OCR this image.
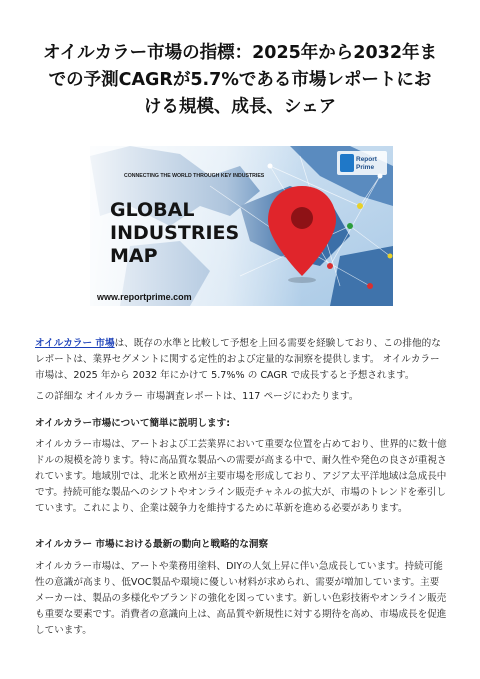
オイルカラー市場の指標：2025年から2032年ま
での予測CAGRが5.7%である市場レポートにお
ける規模、成長、シェア
Report
Prime
CONNECTING THE WORLD THROUGH KEY INDUSTRIES
GLOBAL
INDUSTRIES
MAP
www.reportprime.com
オイルカラー 市場は、既存の水準と比較して予想を上回る需要を経験しており、この排他的なレポートは、業界セグメントに関する定性的および定量的な洞察を提供します。 オイルカラー市場は、2025 年から 2032 年にかけて 5.7%% の CAGR で成長すると予想されます。
この詳細な オイルカラー 市場調査レポートは、117 ページにわたります。
オイルカラー市場について簡単に説明します:
オイルカラー市場は、アートおよび工芸業界において重要な位置を占めており、世界的に数十億ドルの規模を誇ります。特に高品質な製品への需要が高まる中で、耐久性や発色の良さが重視されています。地域別では、北米と欧州が主要市場を形成しており、アジア太平洋地域は急成長中です。持続可能な製品へのシフトやオンライン販売チャネルの拡大が、市場のトレンドを牽引しています。これにより、企業は競争力を維持するために革新を進める必要があります。
オイルカラー 市場における最新の動向と戦略的な洞察
オイルカラー市場は、アートや業務用塗料、DIYの人気上昇に伴い急成長しています。持続可能性の意識が高まり、低VOC製品や環境に優しい材料が求められ、需要が増加しています。主要メーカーは、製品の多様化やブランドの強化を図っています。新しい色彩技術やオンライン販売も重要な要素です。消費者の意識向上は、高品質や新規性に対する期待を高め、市場成長を促進しています。
